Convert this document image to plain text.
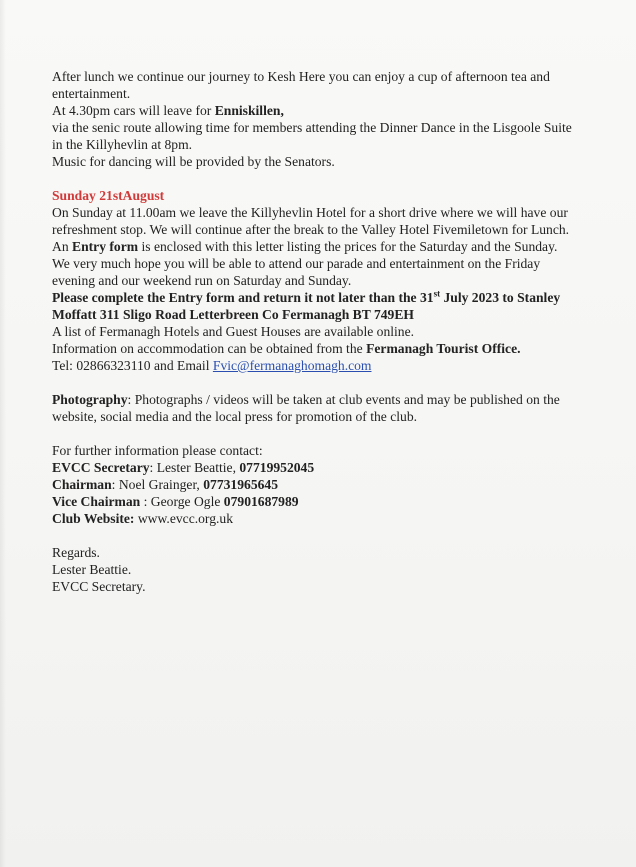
After lunch we continue our journey to Kesh Here you can enjoy a cup of afternoon tea and entertainment.

At 4.30pm cars will leave for Enniskillen,

via the senic route allowing time for members attending the Dinner Dance in the Lisgoole Suite in the Killyhevlin at 8pm.

Music for dancing will be provided by the Senators.

Sunday 21stAugust

On Sunday at 11.00am we leave the Killyhevlin Hotel for a short drive where we will have our refreshment stop. We will continue after the break to the Valley Hotel Fivemiletown for Lunch.

An Entry form is enclosed with this letter listing the prices for the Saturday and the Sunday. We very much hope you will be able to attend our parade and entertainment on the Friday evening and our weekend run on Saturday and Sunday.

Please complete the Entry form and return it not later than the 31st July 2023 to Stanley Moffatt 311 Sligo Road Letterbreen Co Fermanagh BT 749EH

A list of Fermanagh Hotels and Guest Houses are available online.

Information on accommodation can be obtained from the Fermanagh Tourist Office.

Tel: 02866323110 and Email Fvic@fermanaghomagh.com

Photography: Photographs / videos will be taken at club events and may be published on the website, social media and the local press for promotion of the club.

For further information please contact:

EVCC Secretary: Lester Beattie, 07719952045

Chairman: Noel Grainger, 07731965645

Vice Chairman : George Ogle 07901687989

Club Website: www.evcc.org.uk

Regards.

Lester Beattie.

EVCC Secretary.
